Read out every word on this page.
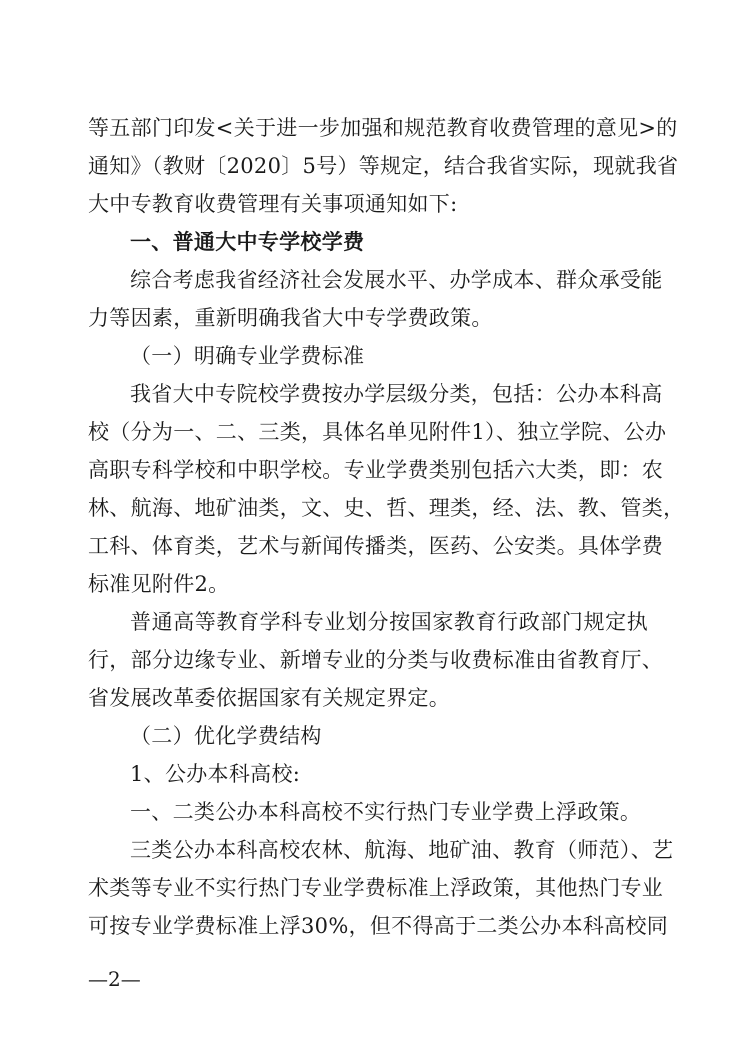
等五部门印发<关于进一步加强和规范教育收费管理的意见>的
通知》（教财〔2020〕5号）等规定，结合我省实际，现就我省
大中专教育收费管理有关事项通知如下:
一、普通大中专学校学费
综合考虑我省经济社会发展水平、办学成本、群众承受能
力等因素，重新明确我省大中专学费政策。
（一）明确专业学费标准
我省大中专院校学费按办学层级分类，包括：公办本科高
校（分为一、二、三类，具体名单见附件1）、独立学院、公办
高职专科学校和中职学校。专业学费类别包括六大类，即：农
林、航海、地矿油类，文、史、哲、理类，经、法、教、管类，
工科、体育类，艺术与新闻传播类，医药、公安类。具体学费
标准见附件2。
普通高等教育学科专业划分按国家教育行政部门规定执
行，部分边缘专业、新增专业的分类与收费标准由省教育厅、
省发展改革委依据国家有关规定界定。
（二）优化学费结构
1、公办本科高校:
一、二类公办本科高校不实行热门专业学费上浮政策。
三类公办本科高校农林、航海、地矿油、教育（师范）、艺
术类等专业不实行热门专业学费标准上浮政策，其他热门专业
可按专业学费标准上浮30%，但不得高于二类公办本科高校同
—2—
